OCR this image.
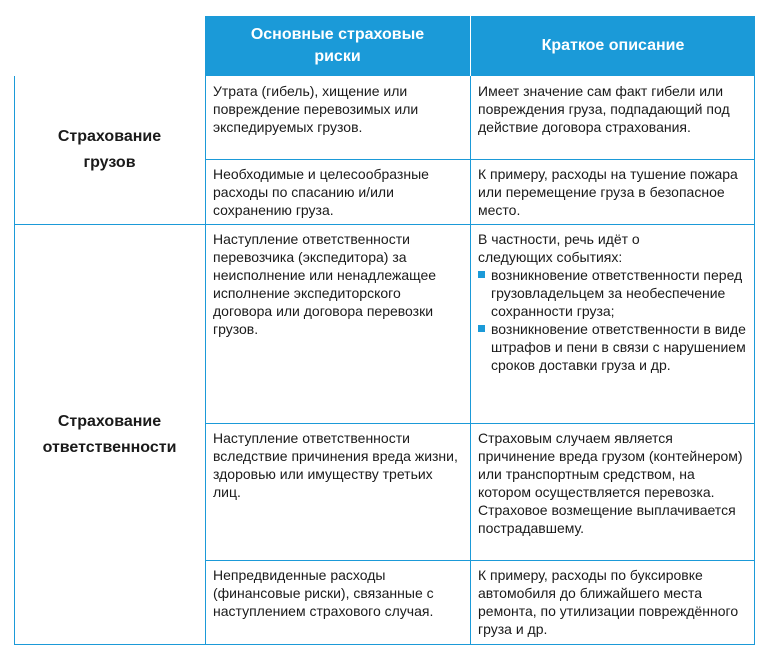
Основные страховые риски
Краткое описание
Страхование грузов
Страхование ответственности
Утрата (гибель), хищение или повреждение перевозимых или экспедируемых грузов.
Имеет значение сам факт гибели или повреждения груза, подпадающий под действие договора страхования.
Необходимые и целесообразные расходы по спасанию и/или сохранению груза.
К примеру, расходы на тушение пожара или перемещение груза в безопасное место.
Наступление ответственности перевозчика (экспедитора) за неисполнение или ненадлежащее исполнение экспедиторского договора или договора перевозки грузов.
В частности, речь идёт о следующих событиях:
возникновение ответственности перед грузовладельцем за необеспечение сохранности груза;
возникновение ответственности в виде штрафов и пени в связи с нарушением сроков доставки груза и др.
Наступление ответственности вследствие причинения вреда жизни, здоровью или имуществу третьих лиц.
Страховым случаем является причинение вреда грузом (контейнером) или транспортным средством, на котором осуществляется перевозка. Страховое возмещение выплачивается пострадавшему.
Непредвиденные расходы (финансовые риски), связанные с наступлением страхового случая.
К примеру, расходы по буксировке автомобиля до ближайшего места ремонта, по утилизации повреждённого груза и др.
